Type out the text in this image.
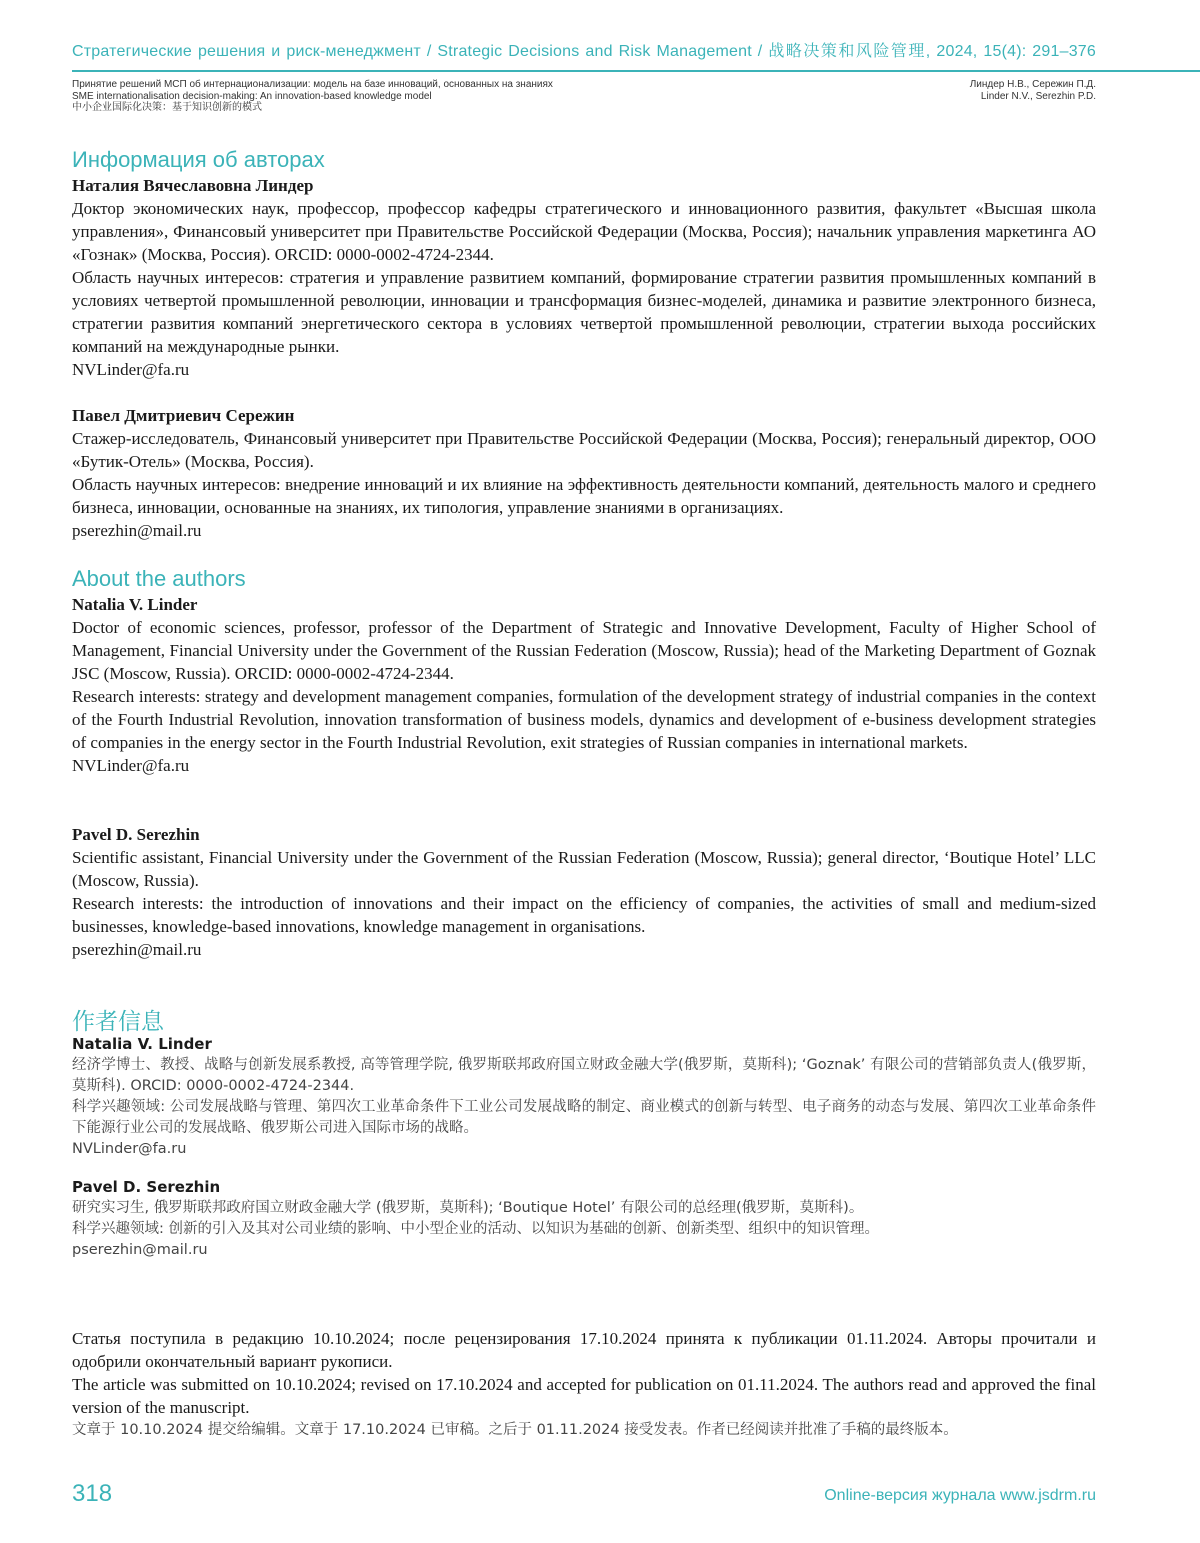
Стратегические решения и риск-менеджмент / Strategic Decisions and Risk Management / 战略决策和风险管理, 2024, 15(4): 291–376
Принятие решений МСП об интернационализации: модель на базе инноваций, основанных на знаниях
SME internationalisation decision-making: An innovation-based knowledge model
中小企业国际化决策：基于知识创新的模式
Линдер Н.В., Сережин П.Д.
Linder N.V., Serezhin P.D.
Информация об авторах

Наталия Вячеславовна Линдер

Доктор экономических наук, профессор, профессор кафедры стратегического и инновационного развития, факультет «Высшая школа управления», Финансовый университет при Правительстве Российской Федерации (Москва, Россия); начальник управления маркетинга АО «Гознак» (Москва, Россия). ORCID: 0000-0002-4724-2344.

Область научных интересов: стратегия и управление развитием компаний, формирование стратегии развития промышленных компаний в условиях четвертой промышленной революции, инновации и трансформация бизнес-моделей, динамика и развитие электронного бизнеса, стратегии развития компаний энергетического сектора в условиях четвертой промышленной революции, стратегии выхода российских компаний на международные рынки.

NVLinder@fa.ru

Павел Дмитриевич Сережин

Стажер-исследователь, Финансовый университет при Правительстве Российской Федерации (Москва, Россия); генеральный директор, ООО «Бутик-Отель» (Москва, Россия).

Область научных интересов: внедрение инноваций и их влияние на эффективность деятельности компаний, деятельность малого и среднего бизнеса, инновации, основанные на знаниях, их типология, управление знаниями в организациях.

pserezhin@mail.ru

About the authors

Natalia V. Linder

Doctor of economic sciences, professor, professor of the Department of Strategic and Innovative Development, Faculty of Higher School of Management, Financial University under the Government of the Russian Federation (Moscow, Russia); head of the Marketing Department of Goznak JSC (Moscow, Russia). ORCID: 0000-0002-4724-2344.

Research interests: strategy and development management companies, formulation of the development strategy of industrial companies in the context of the Fourth Industrial Revolution, innovation transformation of business models, dynamics and development of e-business development strategies of companies in the energy sector in the Fourth Industrial Revolution, exit strategies of Russian companies in international markets.

NVLinder@fa.ru

Pavel D. Serezhin

Scientific assistant, Financial University under the Government of the Russian Federation (Moscow, Russia); general director, ‘Boutique Hotel’ LLC (Moscow, Russia).

Research interests: the introduction of innovations and their impact on the efficiency of companies, the activities of small and medium-sized businesses, knowledge-based innovations, knowledge management in organisations.

pserezhin@mail.ru

作者信息

Natalia V. Linder

经济学博士、教授、战略与创新发展系教授, 高等管理学院, 俄罗斯联邦政府国立财政金融大学(俄罗斯，莫斯科); ‘Goznak’ 有限公司的营销部负责人(俄罗斯，莫斯科). ORCID: 0000-0002-4724-2344.

科学兴趣领域: 公司发展战略与管理、第四次工业革命条件下工业公司发展战略的制定、商业模式的创新与转型、电子商务的动态与发展、第四次工业革命条件下能源行业公司的发展战略、俄罗斯公司进入国际市场的战略。

NVLinder@fa.ru

Pavel D. Serezhin

研究实习生, 俄罗斯联邦政府国立财政金融大学 (俄罗斯，莫斯科); ‘Boutique Hotel’ 有限公司的总经理(俄罗斯，莫斯科)。

科学兴趣领域: 创新的引入及其对公司业绩的影响、中小型企业的活动、以知识为基础的创新、创新类型、组织中的知识管理。

pserezhin@mail.ru

Статья поступила в редакцию 10.10.2024; после рецензирования 17.10.2024 принята к публикации 01.11.2024. Авторы прочитали и одобрили окончательный вариант рукописи.

The article was submitted on 10.10.2024; revised on 17.10.2024 and accepted for publication on 01.11.2024. The authors read and approved the final version of the manuscript.

文章于 10.10.2024 提交给编辑。文章于 17.10.2024 已审稿。之后于 01.11.2024 接受发表。作者已经阅读并批准了手稿的最终版本。

318	Online-версия журнала www.jsdrm.ru
